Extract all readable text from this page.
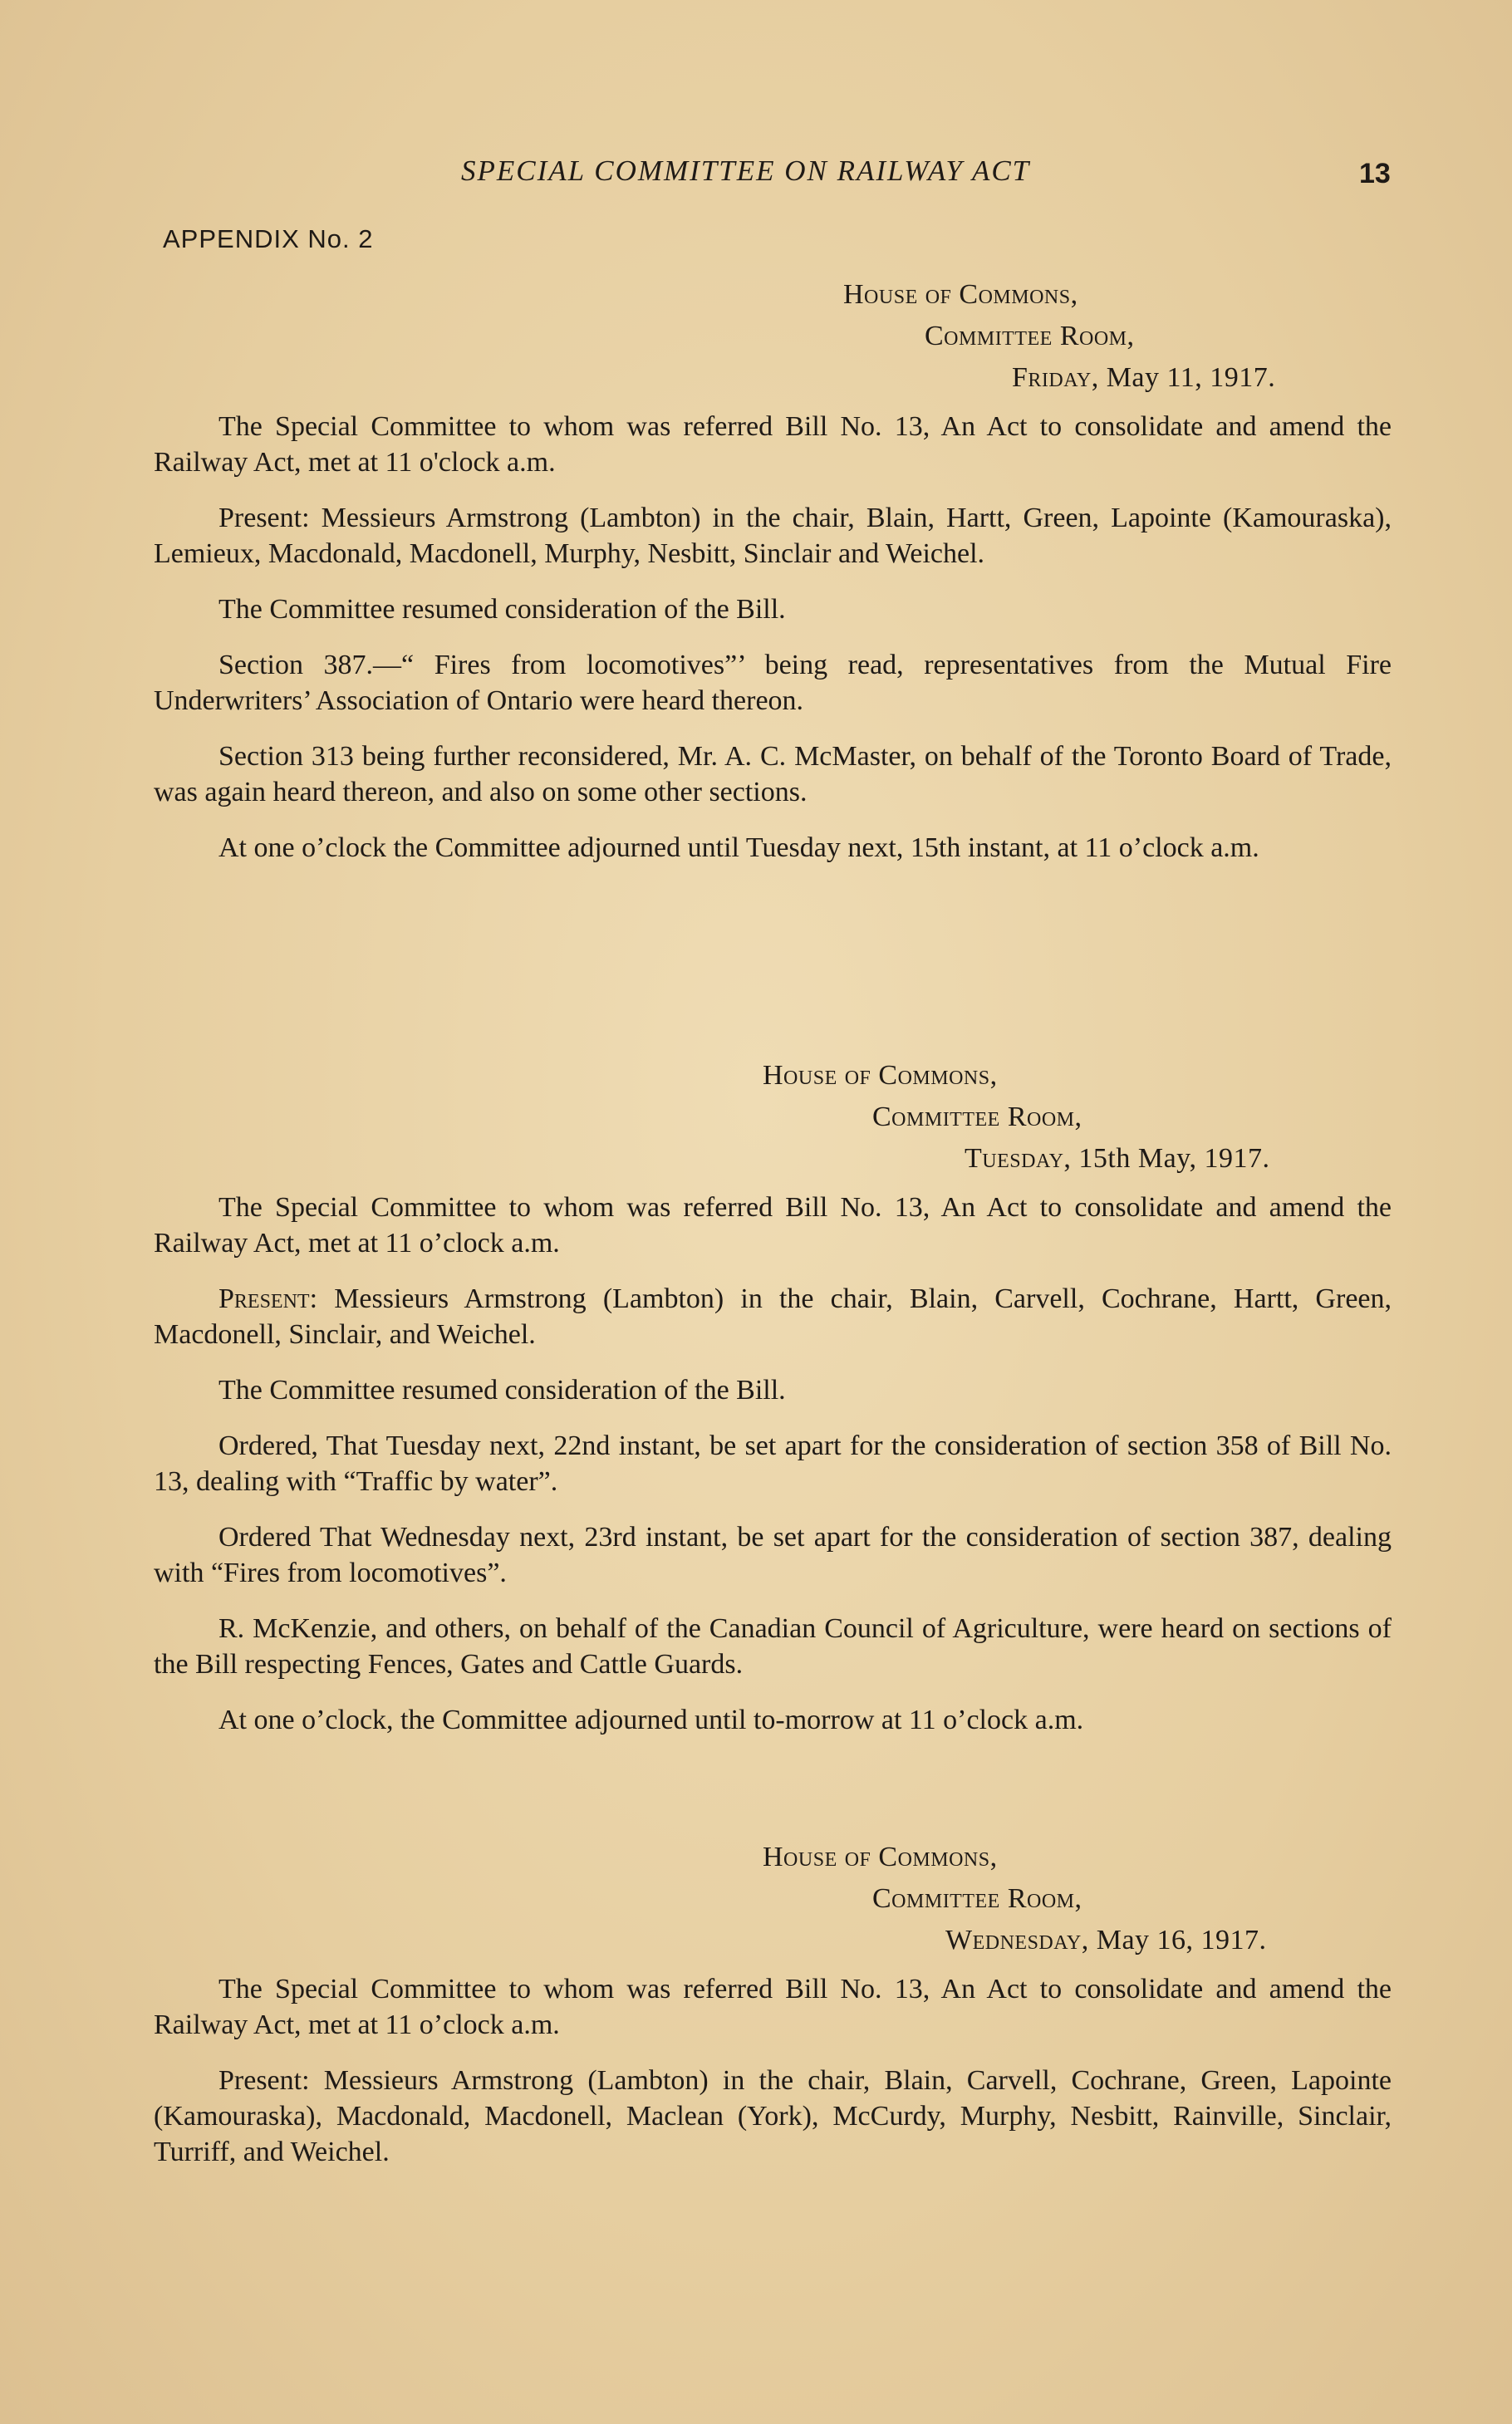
SPECIAL COMMITTEE ON RAILWAY ACT	13
APPENDIX No. 2
House of Commons,
Committee Room,
Friday, May 11, 1917.

The Special Committee to whom was referred Bill No. 13, An Act to consolidate and amend the Railway Act, met at 11 o'clock a.m.

Present: Messieurs Armstrong (Lambton) in the chair, Blain, Hartt, Green, Lapointe (Kamouraska), Lemieux, Macdonald, Macdonell, Murphy, Nesbitt, Sinclair and Weichel.

The Committee resumed consideration of the Bill.

Section 387.—“ Fires from locomotives”’ being read, representatives from the Mutual Fire Underwriters’ Association of Ontario were heard thereon.

Section 313 being further reconsidered, Mr. A. C. McMaster, on behalf of the Toronto Board of Trade, was again heard thereon, and also on some other sections.

At one o’clock the Committee adjourned until Tuesday next, 15th instant, at 11 o’clock a.m.

House of Commons,
Committee Room,
Tuesday, 15th May, 1917.

The Special Committee to whom was referred Bill No. 13, An Act to consolidate and amend the Railway Act, met at 11 o’clock a.m.

Present: Messieurs Armstrong (Lambton) in the chair, Blain, Carvell, Cochrane, Hartt, Green, Macdonell, Sinclair, and Weichel.

The Committee resumed consideration of the Bill.

Ordered, That Tuesday next, 22nd instant, be set apart for the consideration of section 358 of Bill No. 13, dealing with “Traffic by water”.

Ordered That Wednesday next, 23rd instant, be set apart for the consideration of section 387, dealing with “Fires from locomotives”.

R. McKenzie, and others, on behalf of the Canadian Council of Agriculture, were heard on sections of the Bill respecting Fences, Gates and Cattle Guards.

At one o’clock, the Committee adjourned until to-morrow at 11 o’clock a.m.

House of Commons,
Committee Room,
Wednesday, May 16, 1917.

The Special Committee to whom was referred Bill No. 13, An Act to consolidate and amend the Railway Act, met at 11 o’clock a.m.

Present: Messieurs Armstrong (Lambton) in the chair, Blain, Carvell, Cochrane, Green, Lapointe (Kamouraska), Macdonald, Macdonell, Maclean (York), McCurdy, Murphy, Nesbitt, Rainville, Sinclair, Turriff, and Weichel.
